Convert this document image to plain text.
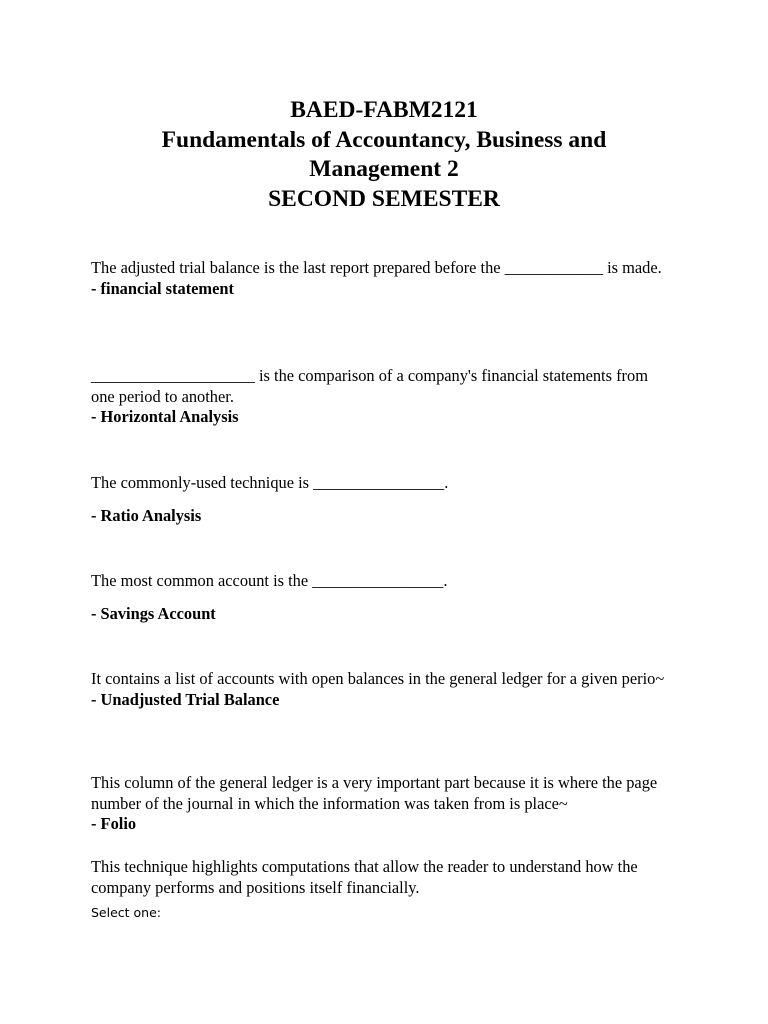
BAED-FABM2121
Fundamentals of Accountancy, Business and
Management 2
SECOND SEMESTER
The adjusted trial balance is the last report prepared before the ____________ is made.
- financial statement
____________________ is the comparison of a company's financial statements from one period to another.
- Horizontal Analysis
The commonly-used technique is ________________.
- Ratio Analysis
The most common account is the ________________.
- Savings Account
It contains a list of accounts with open balances in the general ledger for a given perio~
- Unadjusted Trial Balance
This column of the general ledger is a very important part because it is where the page number of the journal in which the information was taken from is place~
- Folio
This technique highlights computations that allow the reader to understand how the company performs and positions itself financially.
Select one:
